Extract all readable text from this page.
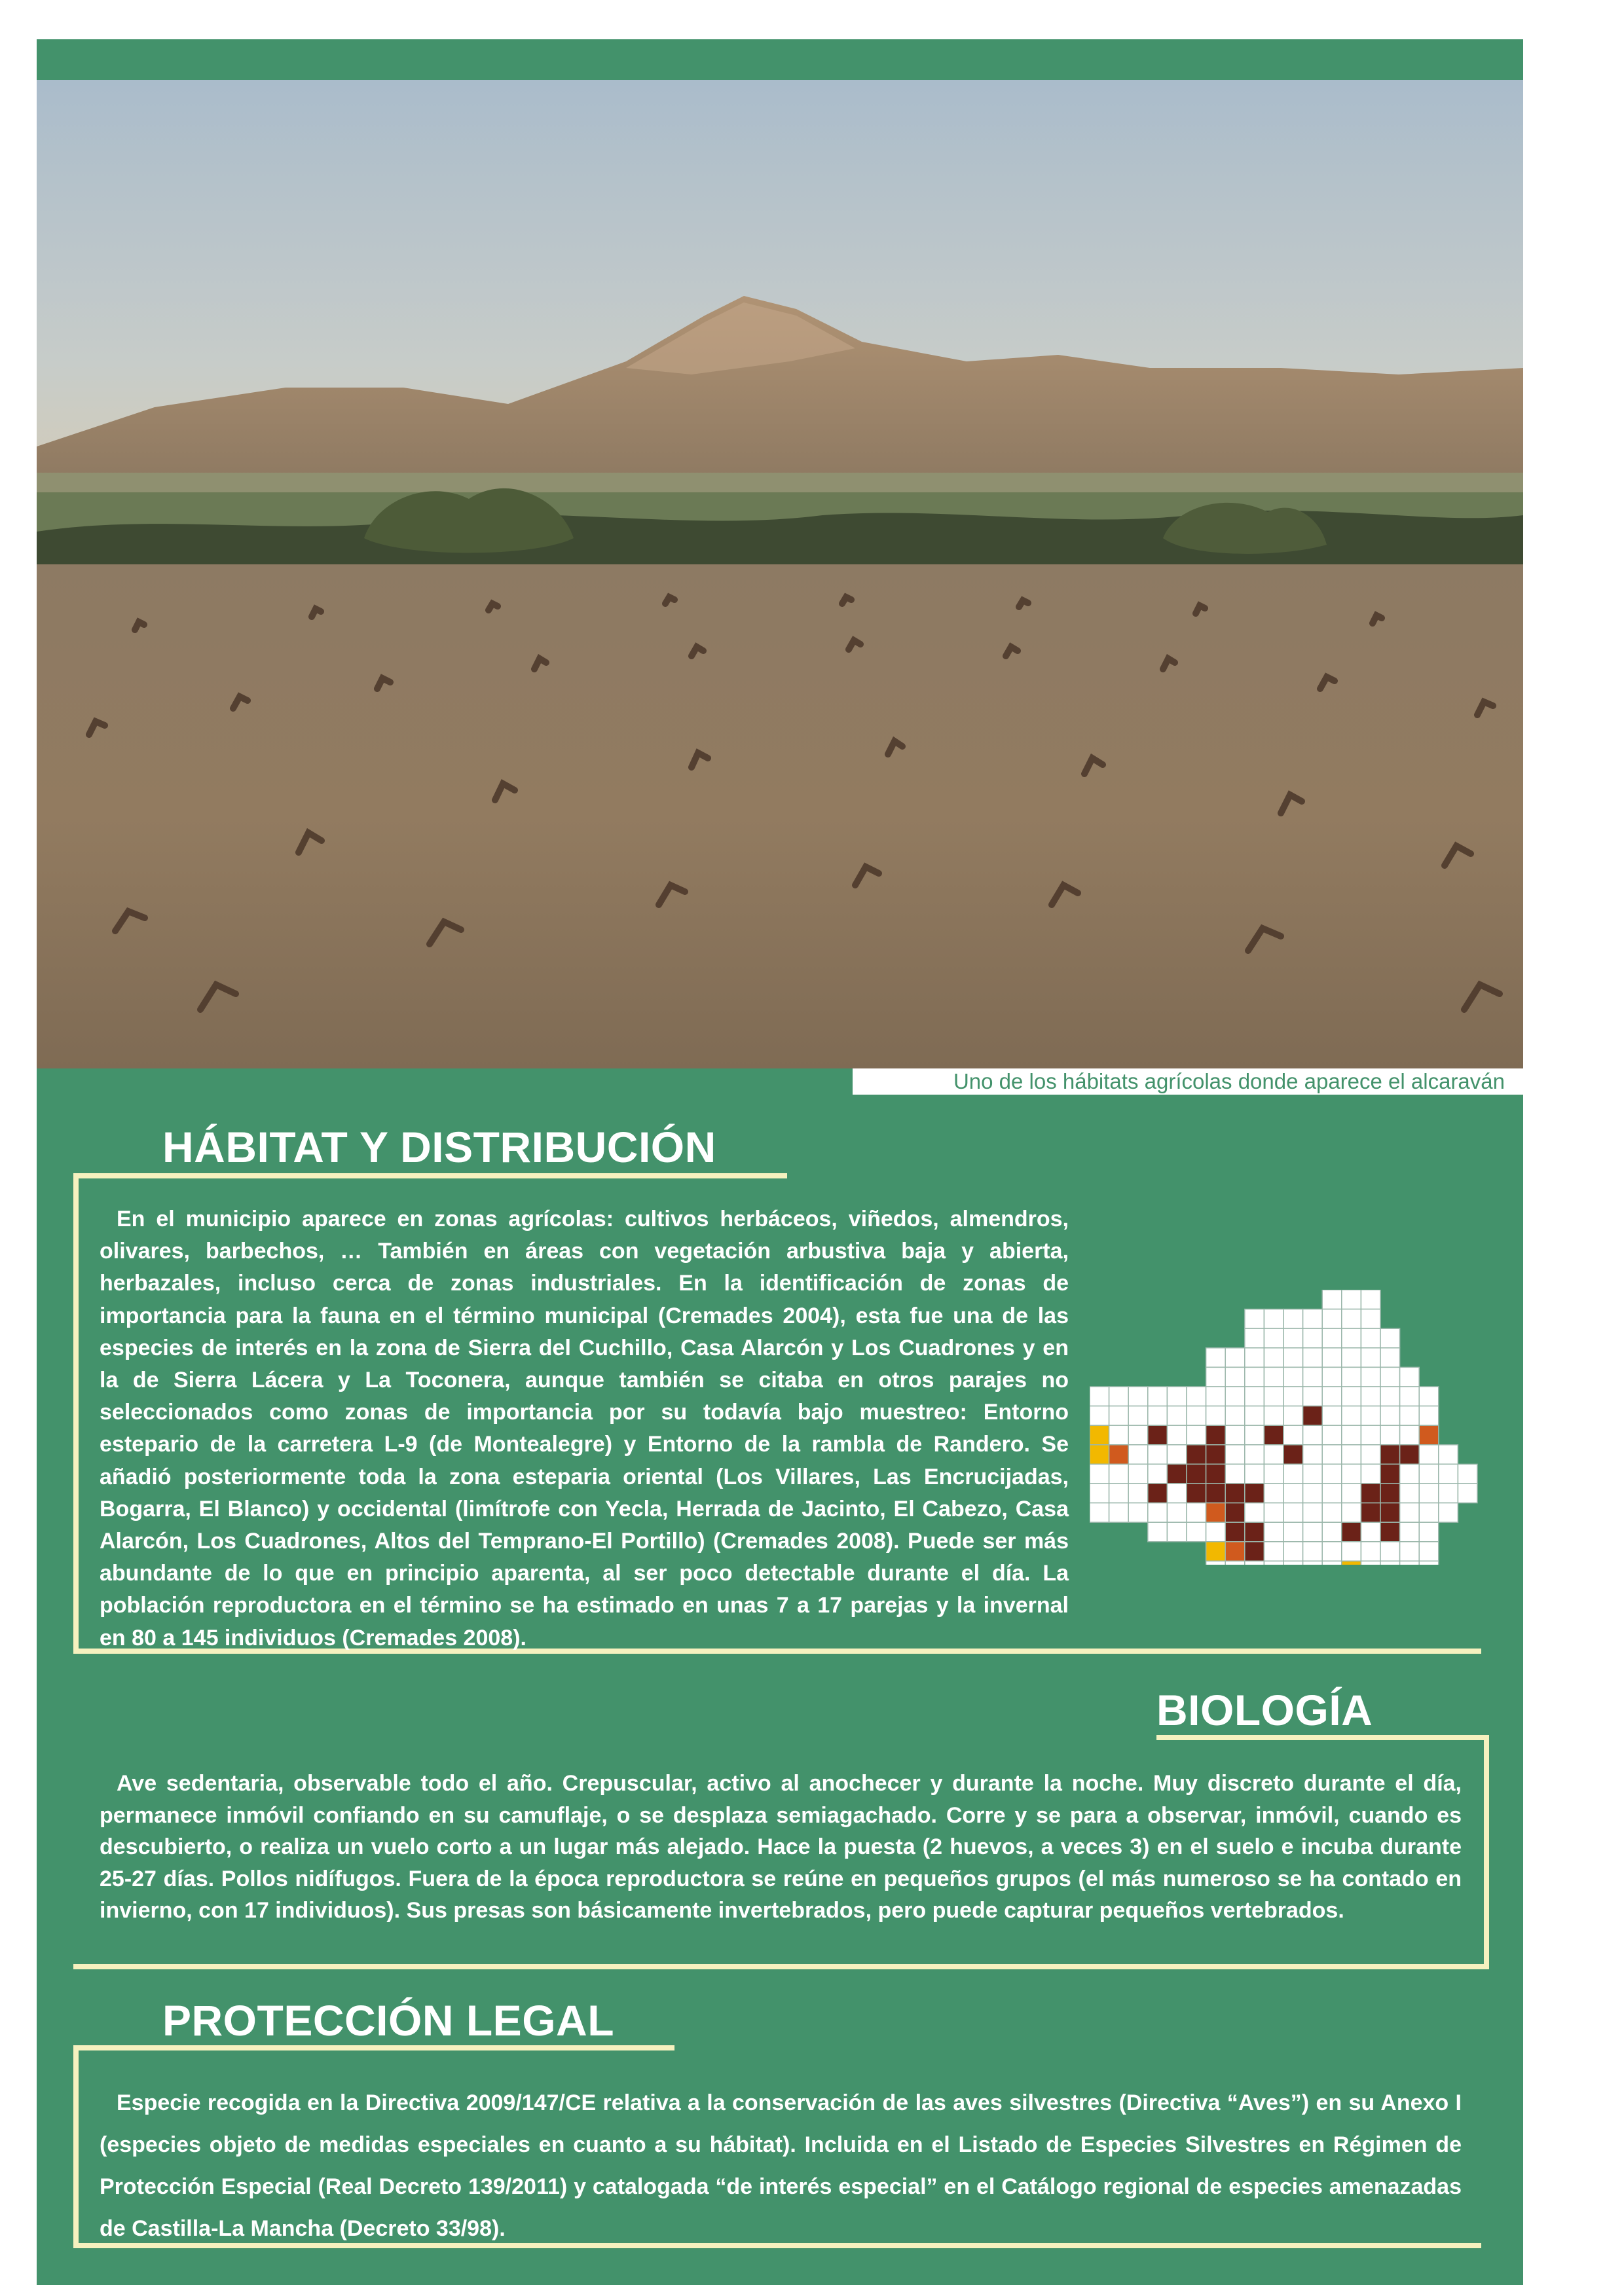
Uno de los hábitats agrícolas donde aparece el alcaraván
HÁBITAT Y DISTRIBUCIÓN

En el municipio aparece en zonas agrícolas: cultivos herbáceos, viñedos, almendros, olivares, barbechos, … También en áreas con vegetación arbustiva baja y abierta, herbazales, incluso cerca de zonas industriales. En la identificación de zonas de importancia para la fauna en el término municipal (Cremades 2004), esta fue una de las especies de interés en la zona de Sierra del Cuchillo, Casa Alarcón y Los Cuadrones y en la de Sierra Lácera y La Toconera, aunque también se citaba en otros parajes no seleccionados como zonas de importancia por su todavía bajo muestreo: Entorno estepario de la carretera L-9 (de Montealegre) y Entorno de la rambla de Randero. Se añadió posteriormente toda la zona esteparia oriental (Los Villares, Las Encrucijadas, Bogarra, El Blanco) y occidental (limítrofe con Yecla, Herrada de Jacinto, El Cabezo, Casa Alarcón, Los Cuadrones, Altos del Temprano-El Portillo) (Cremades 2008). Puede ser más abundante de lo que en principio aparenta, al ser poco detectable durante el día. La población reproductora en el término se ha estimado en unas 7 a 17 parejas y la invernal en 80 a 145 individuos (Cremades 2008).

BIOLOGÍA

Ave sedentaria, observable todo el año. Crepuscular, activo al anochecer y durante la noche. Muy discreto durante el día, permanece inmóvil confiando en su camuflaje, o se desplaza semiagachado. Corre y se para a observar, inmóvil, cuando es descubierto, o realiza un vuelo corto a un lugar más alejado. Hace la puesta (2 huevos, a veces 3) en el suelo e incuba durante 25-27 días. Pollos nidífugos. Fuera de la época reproductora se reúne en pequeños grupos (el más numeroso se ha contado en invierno, con 17 individuos). Sus presas son básicamente invertebrados, pero puede capturar pequeños vertebrados.

PROTECCIÓN LEGAL

Especie recogida en la Directiva 2009/147/CE relativa a la conservación de las aves silvestres (Directiva “Aves”) en su Anexo I (especies objeto de medidas especiales en cuanto a su hábitat). Incluida en el Listado de Especies Silvestres en Régimen de Protección Especial (Real Decreto 139/2011) y catalogada “de interés especial” en el Catálogo regional de especies amenazadas de Castilla-La Mancha (Decreto 33/98).
